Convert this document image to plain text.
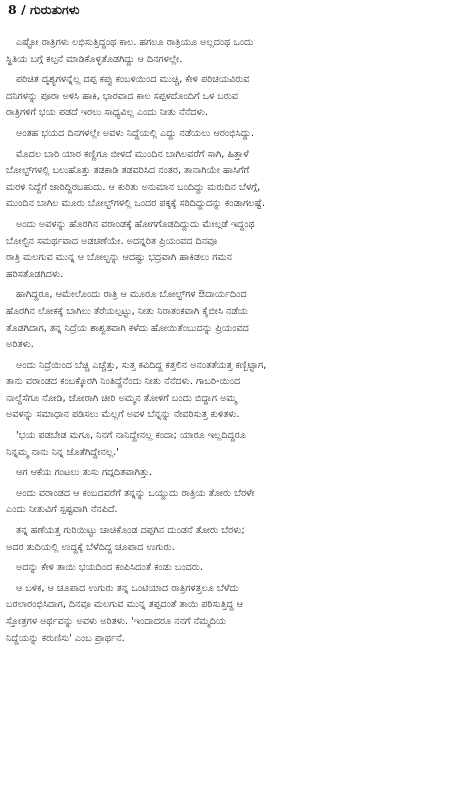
8 / ಗುರುತುಗಳು
ಎಷ್ಟೋ ರಾತ್ರಿಗಳು ಲಭಿಸುತ್ತಿದ್ದಂಥ ಕಾಲ. ಹಗಲೂ ರಾತ್ರಿಯೂ ಅಲ್ಲದಂಥ ಒಂದು
ಸ್ಥಿತಿಯ ಬಗ್ಗೆ ಕಲ್ಪನೆ ಮಾಡಿಕೊಳ್ಳತೊಡಗಿದ್ದು ಆ ದಿನಗಳಲ್ಲೇ.
ಪರಿಚಿತ ದೃಶ್ಯಗಳನ್ನೆಲ್ಲ ದಪ್ಪ ಕಪ್ಪು ಕಂಬಳಿಯಿಂದ ಮುಚ್ಚಿ, ಕೇಳಿ ಪರಿಚಯವಿರುವ
ದನಿಗಳನ್ನು ಪೂರಾ ಅಳಿಸಿ ಹಾಕಿ, ಭಾರವಾದ ಕಾಲ ಸಪ್ಪಳದೊಂದಿಗೆ ಒಳ ಬರುವ
ರಾತ್ರಿಗಳಿಗೆ ಭಯ ಪಡದೆ ಇರಲು ಸಾಧ್ಯವಿಲ್ಲ ಎಂದು ನೀತು ನೆನೆದಳು.
ಅಂತಹ ಭಯದ ದಿನಗಳಲ್ಲೇ ಅವಳು ನಿದ್ದೆಯಲ್ಲಿ ಎದ್ದು ನಡೆಯಲು ಆರಂಭಿಸಿದ್ದು.
ಮೊದಲ ಬಾರಿ ಯಾರ ಕಣ್ಣಿಗೂ ಬೀಳದೆ ಮುಂದಿನ ಬಾಗಿಲವರೆಗೆ ಸಾಗಿ, ಹಿತ್ತಾಳೆ
ಬೋಲ್ಟ್‌ಗಳಲ್ಲಿ ಬಲುಹೊತ್ತು ತಡಕಾಡಿ ತಡವರಿಸಿದ ನಂತರ, ತಾನಾಗಿಯೇ ಹಾಸಿಗೆಗೆ
ಮರಳಿ ನಿದ್ದೆಗೆ ಜಾರಿದ್ದಿರಬಹುದು. ಆ ಕುರಿತು ಅನುಮಾನ ಬಂದಿದ್ದು ಮರುದಿನ ಬೆಳಗ್ಗೆ,
ಮುಂದಿನ ಬಾಗಿಲ ಮೂರು ಬೋಲ್ಟ್‌ಗಳಲ್ಲಿ ಒಂದರ ಪಕ್ಕಕ್ಕೆ ಸರಿದಿದ್ದುದನ್ನು ಕಂಡಾಗಲಷ್ಟೆ.
ಅಂದು ಅವಳನ್ನು ಹೊರಗಿನ ವರಾಂಡಕ್ಕೆ ಹೋಗಗೊಡದಿದ್ದುದು ಮೇಲ್ಗಡೆ ಇದ್ದಂಥ
ಬೋಲ್ಟಿನ ಸಮರ್ಥವಾದ ಅಡಚಣೆಯೇ. ಅದನ್ನರಿತ ಪ್ರಿಯಂವದ ದಿನವೂ
ರಾತ್ರಿ ಮಲಗುವ ಮುನ್ನ ಆ ಬೋಲ್ಟನ್ನು ಆದಷ್ಟು ಭದ್ರವಾಗಿ ಹಾಕಿಡಲು ಗಮನ
ಹರಿಸತೊಡಗಿದಳು.
ಹಾಗಿದ್ದರೂ, ಆಮೇಲೊಂದು ರಾತ್ರಿ ಆ ಮೂರೂ ಬೋಲ್ಟ್‌ಗಳ ಔದಾರ್ಯದಿಂದ
ಹೊರಗಿನ ಲೋಕಕ್ಕೆ ಬಾಗಿಲು ತೆರೆಯಲ್ಪಟ್ಟು, ನೀತು ನಿರಾತಂಕವಾಗಿ ಕೈಬೀಸಿ ನಡೆಯ
ತೊಡಗಿದಾಗ, ತನ್ನ ನಿದ್ರೆಯ ಶಾಶ್ವತವಾಗಿ ಕಳೆದು ಹೋಯಿತೆಂಬುದನ್ನು ಪ್ರಿಯಂವದ
ಅರಿತಳು.
ಅಂದು ನಿದ್ರೆಯಿಂದ ಬೆಚ್ಚಿ ಎಚ್ಚೆತ್ತು, ಸುತ್ತ ಕವಿದಿದ್ದ ಕತ್ತಲಿನ ಅನಂತತೆಯತ್ತ ಕಣ್ಬಿಟ್ಟಾಗ,
ತಾನು ವರಾಂಡದ ಕಂಬಕ್ಕೊರಗಿ ನಿಂತಿದ್ದೆನೆಂದು ನೀತು ನೆನೆದಳು. ಗಾಬರಿ-ಯಿಂದ
ನಾಲ್ದೆಸೆಗೂ ನೋಡಿ, ಜೋರಾಗಿ ಚೀರಿ ಅಮ್ಮನ ತೋಳಿಗೆ ಬಂದು ಬಿದ್ದಾಗ ಅಮ್ಮ
ಅವಳನ್ನು ಸಮಾಧಾನ ಪಡಿಸಲು ಮೆಲ್ಲಗೆ ಅವಳ ಬೆನ್ನನ್ನು ನೇವರಿಸುತ್ತ ಕುಳಿತಳು.
'ಭಯ ಪಡಬೇಡ ಮಗೂ, ನಿನಗೆ ನಾನಿದ್ದೇನಲ್ಲ ಕಂದಾ; ಯಾರೂ ಇಲ್ಲದಿದ್ದರೂ
ನಿನ್ನಮ್ಮ ನಾನು ನಿನ್ನ ಜೊತೆಗಿದ್ದೇನಲ್ಲ.'
ಆಗ ಆಕೆಯ ಗಂಟಲು ತುಸು ಗದ್ಗದಿತವಾಗಿತ್ತು.
ಅಂದು ವರಾಂಡದ ಆ ಕಂಬದವರೆಗೆ ತನ್ನನ್ನು ಒಯ್ದುದು ರಾತ್ರಿಯ ತೋರು ಬೆರಳೇ
ಎಂದು ನೀತುವಿಗೆ ಸ್ಪಷ್ಟವಾಗಿ ನೆನಪಿದೆ.
ತನ್ನ ಹಣೆಯತ್ತ ಗುರಿಯಿಟ್ಟು ಚಾಚಿಕೊಂಡ ದಪ್ಪಗಿನ ದುಂಡನೆ ತೋರು ಬೆರಳು;
ಅದರ ತುದಿಯಲ್ಲಿ ಉದ್ದಕ್ಕೆ ಬೆಳೆದಿದ್ದ ಚೂಪಾದ ಉಗುರು.
ಅದನ್ನು ಕೇಳಿ ತಾಯಿ ಭಯದಿಂದ ಕಂಪಿಸಿದಂತೆ ಕಂಡು ಬಂದರು.
ಆ ಬಳಿಕ, ಆ ಚೂಪಾದ ಉಗುರು ತನ್ನ ಒಂಟಿಯಾದ ರಾತ್ರಿಗಳತ್ತಲೂ ಬೆಳೆದು
ಬರಲಾರಂಭಿಸಿದಾಗ, ದಿನವೂ ಮಲಗುವ ಮುನ್ನ ತಪ್ಪದಂತೆ ತಾಯಿ ಪಠಿಸುತ್ತಿದ್ದ ಆ
ಸ್ತೋತ್ರಗಳ ಅರ್ಥವನ್ನು ಅವಳು ಅರಿತಳು. 'ಇಂದಾದರೂ ನನಗೆ ನೆಮ್ಮದಿಯ
ನಿದ್ದೆಯನ್ನು ಕರುಣಿಸು' ಎಂಬ ಪ್ರಾರ್ಥನೆ.
